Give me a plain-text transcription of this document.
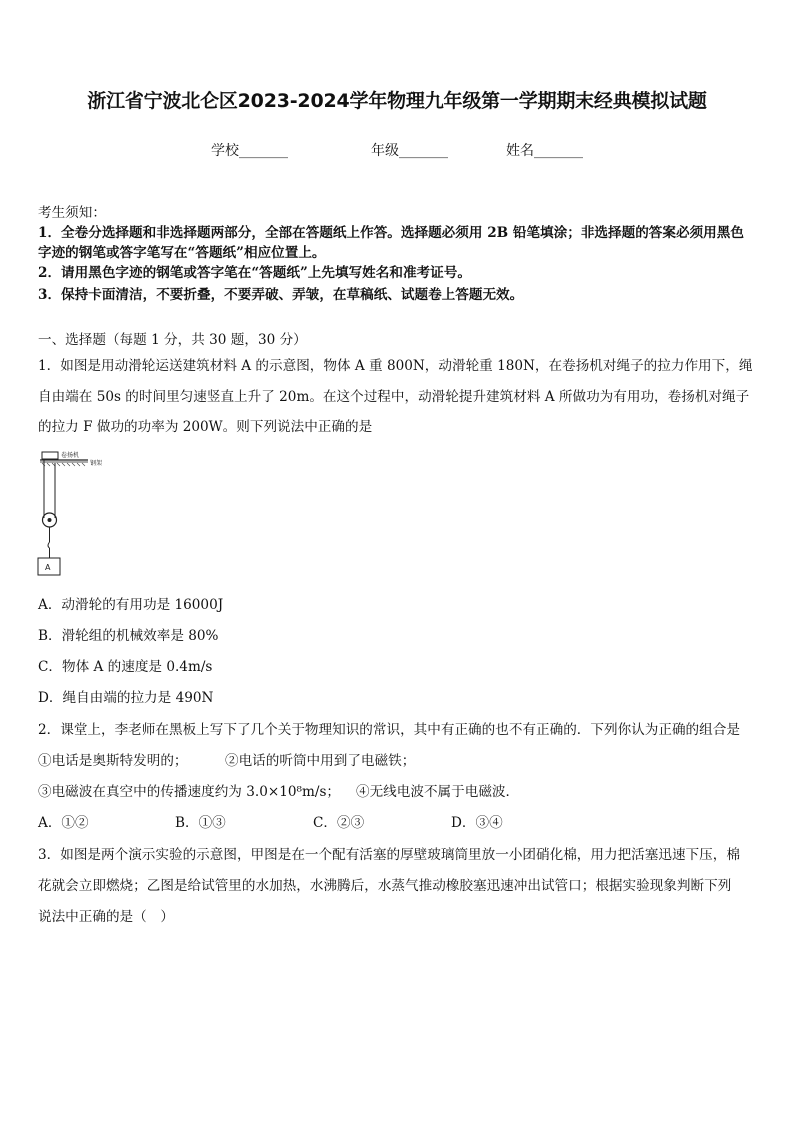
浙江省宁波北仑区2023-2024学年物理九年级第一学期期末经典模拟试题
学校_______	年级_______	姓名_______
考生须知：
1．全卷分选择题和非选择题两部分，全部在答题纸上作答。选择题必须用 2B 铅笔填涂；非选择题的答案必须用黑色
字迹的钢笔或答字笔写在“答题纸”相应位置上。
2．请用黑色字迹的钢笔或答字笔在“答题纸”上先填写姓名和准考证号。
3．保持卡面清洁，不要折叠，不要弄破、弄皱，在草稿纸、试题卷上答题无效。
一、选择题（每题 1 分，共 30 题，30 分）
1．如图是用动滑轮运送建筑材料 A 的示意图，物体 A 重 800N，动滑轮重 180N，在卷扬机对绳子的拉力作用下，绳
自由端在 50s 的时间里匀速竖直上升了 20m。在这个过程中，动滑轮提升建筑材料 A 所做功为有用功，卷扬机对绳子
的拉力 F 做功的功率为 200W。则下列说法中正确的是
卷扬机
钢架
A
A．动滑轮的有用功是 16000J
B．滑轮组的机械效率是 80%
C．物体 A 的速度是 0.4m/s
D．绳自由端的拉力是 490N
2．课堂上，李老师在黑板上写下了几个关于物理知识的常识，其中有正确的也不有正确的．下列你认为正确的组合是
①电话是奥斯特发明的；	②电话的听筒中用到了电磁铁；
③电磁波在真空中的传播速度约为 3.0×10⁸m/s； ④无线电波不属于电磁波．
A．①②	B．①③	C．②③	D．③④
3．如图是两个演示实验的示意图，甲图是在一个配有活塞的厚壁玻璃筒里放一小团硝化棉，用力把活塞迅速下压，棉
花就会立即燃烧；乙图是给试管里的水加热，水沸腾后，水蒸气推动橡胶塞迅速冲出试管口；根据实验现象判断下列
说法中正确的是（　）
